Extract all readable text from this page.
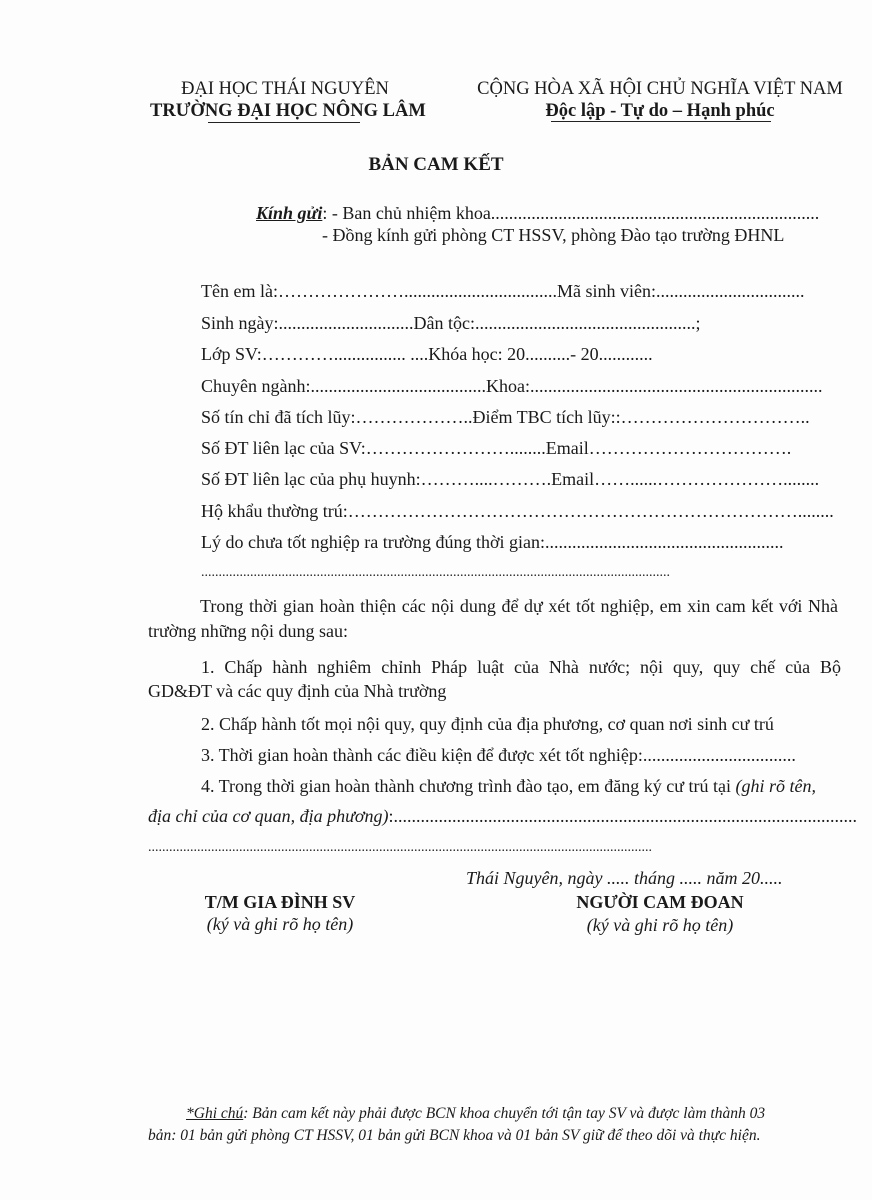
ĐẠI HỌC THÁI NGUYÊN
TRƯỜNG ĐẠI HỌC NÔNG LÂM
CỘNG HÒA XÃ HỘI CHỦ NGHĨA VIỆT NAM
Độc lập - Tự do – Hạnh phúc
BẢN CAM KẾT
Kính gửi: - Ban chủ nhiệm khoa.........................................................................
- Đồng kính gửi phòng CT HSSV, phòng Đào tạo trường ĐHNL
Tên em là:…………………..................................Mã sinh viên:.................................
Sinh ngày:..............................Dân tộc:.................................................;
Lớp SV:…………................ ....Khóa học: 20..........- 20............
Chuyên ngành:.......................................Khoa:.................................................................
Số tín chỉ đã tích lũy:………………..Điểm TBC tích lũy::…………………………..
Số ĐT liên lạc của SV:……………………........Email…………………………….
Số ĐT liên lạc của phụ huynh:………....……….Email……......…………………........
Hộ khẩu thường trú:…………………………………………………………………........
Lý do chưa tốt nghiệp ra trường đúng thời gian:.....................................................
......................................................................................................................................
Trong thời gian hoàn thiện các nội dung để dự xét tốt nghiệp, em xin cam kết với Nhà trường những nội dung sau:
1. Chấp hành nghiêm chỉnh Pháp luật của Nhà nước; nội quy, quy chế của Bộ
GD&ĐT và các quy định của Nhà trường
2. Chấp hành tốt mọi nội quy, quy định của địa phương, cơ quan nơi sinh cư trú
3. Thời gian hoàn thành các điều kiện để được xét tốt nghiệp:..................................
4. Trong thời gian hoàn thành chương trình đào tạo, em đăng ký cư trú tại (ghi rõ tên,
địa chỉ của cơ quan, địa phương):.......................................................................................................
................................................................................................................................................
Thái Nguyên, ngày ..... tháng ..... năm 20.....
T/M GIA ĐÌNH SV
(ký và ghi rõ họ tên)
NGƯỜI CAM ĐOAN
(ký và ghi rõ họ tên)
*Ghi chú: Bản cam kết này phải được BCN khoa chuyển tới tận tay SV và được làm thành 03
bản: 01 bản gửi phòng CT HSSV, 01 bản gửi BCN khoa và 01 bản SV giữ để theo dõi và thực hiện.
